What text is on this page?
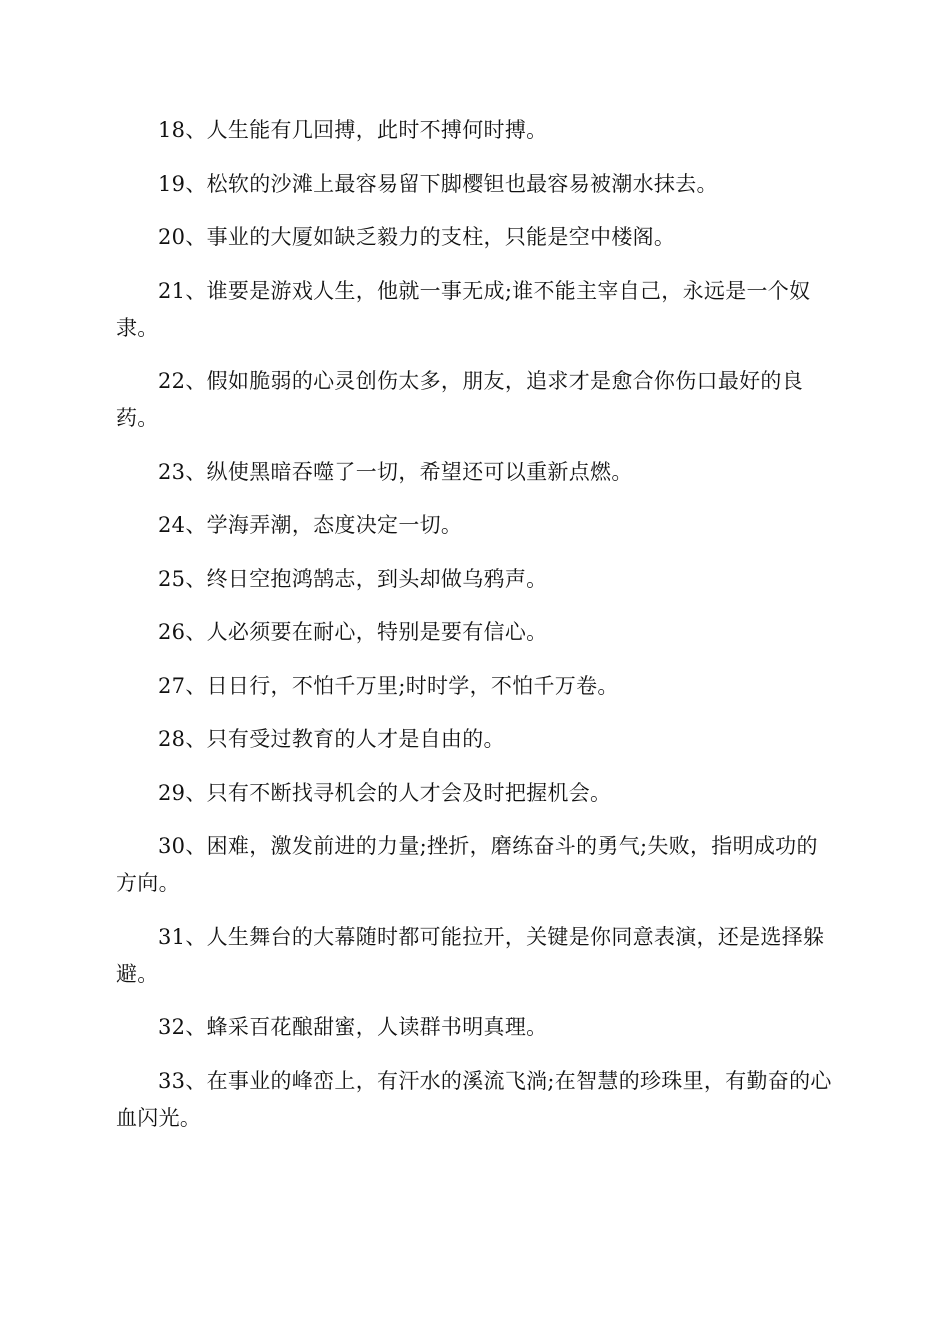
18、人生能有几回搏，此时不搏何时搏。

19、松软的沙滩上最容易留下脚樱钽也最容易被潮水抹去。

20、事业的大厦如缺乏毅力的支柱，只能是空中楼阁。

21、谁要是游戏人生，他就一事无成;谁不能主宰自己，永远是一个奴隶。

22、假如脆弱的心灵创伤太多，朋友，追求才是愈合你伤口最好的良药。

23、纵使黑暗吞噬了一切，希望还可以重新点燃。

24、学海弄潮，态度决定一切。

25、终日空抱鸿鹄志，到头却做乌鸦声。

26、人必须要在耐心，特别是要有信心。

27、日日行，不怕千万里;时时学，不怕千万卷。

28、只有受过教育的人才是自由的。

29、只有不断找寻机会的人才会及时把握机会。

30、困难，激发前进的力量;挫折，磨练奋斗的勇气;失败，指明成功的方向。

31、人生舞台的大幕随时都可能拉开，关键是你同意表演，还是选择躲避。

32、蜂采百花酿甜蜜，人读群书明真理。

33、在事业的峰峦上，有汗水的溪流飞淌;在智慧的珍珠里，有勤奋的心血闪光。
